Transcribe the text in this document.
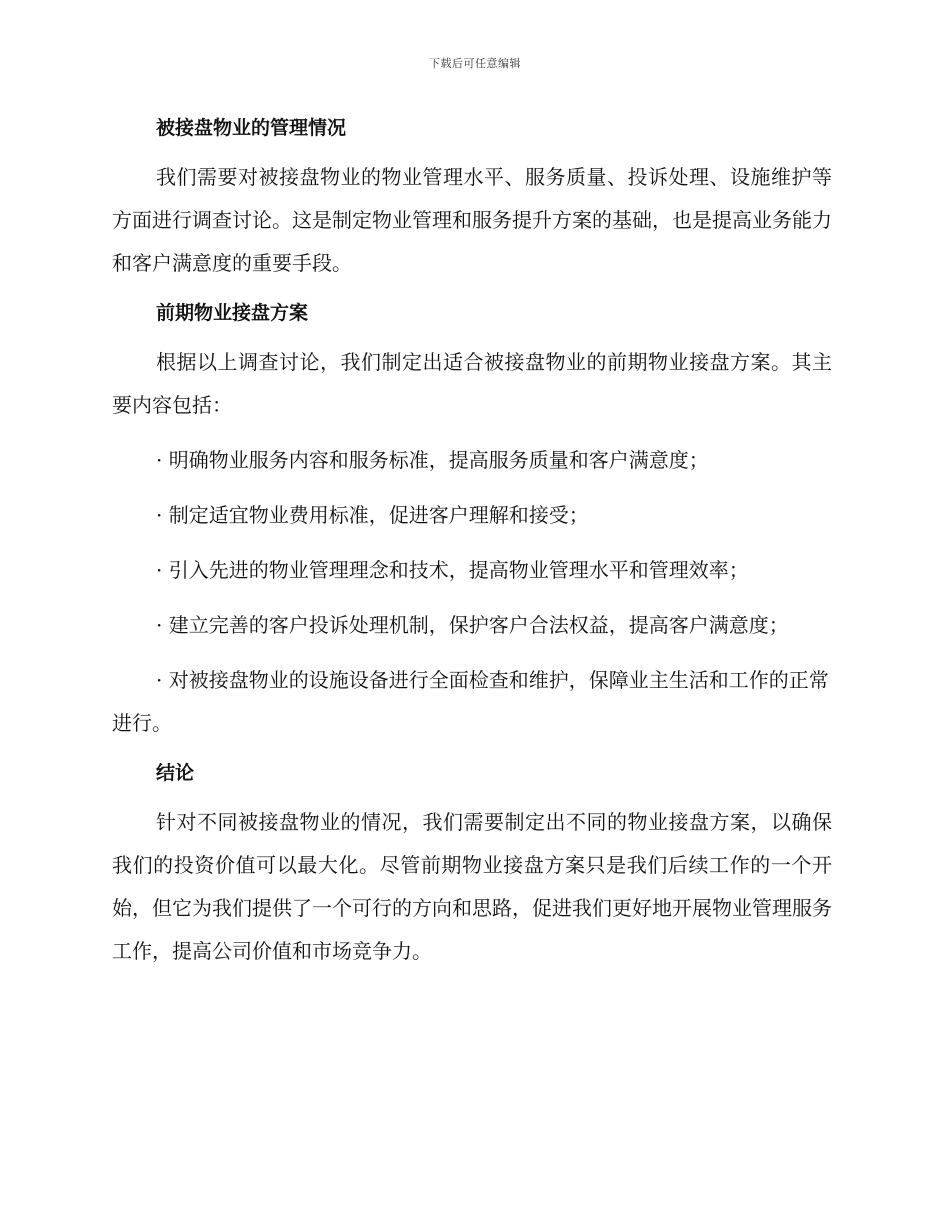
下载后可任意编辑

被接盘物业的管理情况

我们需要对被接盘物业的物业管理水平、服务质量、投诉处理、设施维护等方面进行调查讨论。这是制定物业管理和服务提升方案的基础，也是提高业务能力和客户满意度的重要手段。

前期物业接盘方案

根据以上调查讨论，我们制定出适合被接盘物业的前期物业接盘方案。其主要内容包括：

· 明确物业服务内容和服务标准，提高服务质量和客户满意度；

· 制定适宜物业费用标准，促进客户理解和接受；

· 引入先进的物业管理理念和技术，提高物业管理水平和管理效率；

· 建立完善的客户投诉处理机制，保护客户合法权益，提高客户满意度；

· 对被接盘物业的设施设备进行全面检查和维护，保障业主生活和工作的正常进行。

结论

针对不同被接盘物业的情况，我们需要制定出不同的物业接盘方案，以确保我们的投资价值可以最大化。尽管前期物业接盘方案只是我们后续工作的一个开始，但它为我们提供了一个可行的方向和思路，促进我们更好地开展物业管理服务工作，提高公司价值和市场竞争力。
